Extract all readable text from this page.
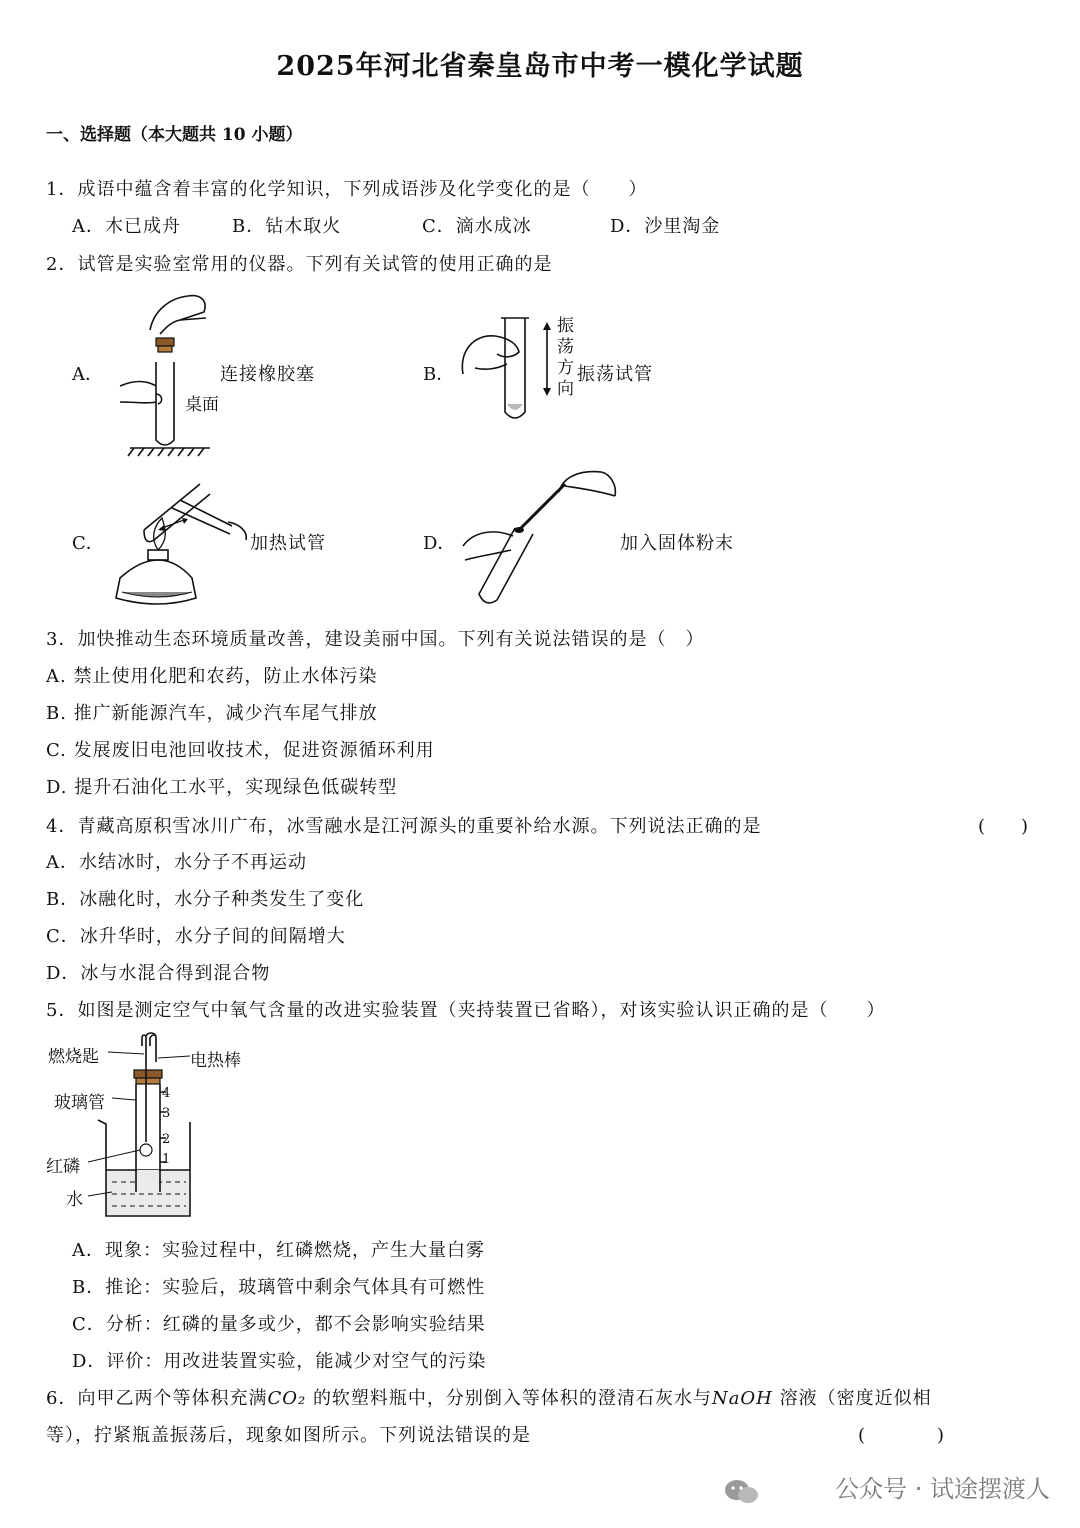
2025年河北省秦皇岛市中考一模化学试题
一、选择题（本大题共 10 小题）
1．成语中蕴含着丰富的化学知识，下列成语涉及化学变化的是（　　）
A．木已成舟	B．钻木取火	C．滴水成冰	D．沙里淘金
2．试管是实验室常用的仪器。下列有关试管的使用正确的是
A．
桌面
连接橡胶塞	B．
振
荡
方
向
振荡试管
C．	加热试管	D．	加入固体粉末
3．加快推动生态环境质量改善，建设美丽中国。下列有关说法错误的是（　）
A. 禁止使用化肥和农药，防止水体污染
B. 推广新能源汽车，减少汽车尾气排放
C. 发展废旧电池回收技术，促进资源循环利用
D. 提升石油化工水平，实现绿色低碳转型
4．青藏高原积雪冰川广布，冰雪融水是江河源头的重要补给水源。下列说法正确的是	(　　)
A．水结冰时，水分子不再运动
B．冰融化时，水分子种类发生了变化
C．冰升华时，水分子间的间隔增大
D．冰与水混合得到混合物
5．如图是测定空气中氧气含量的改进实验装置（夹持装置已省略），对该实验认识正确的是（　　）
燃烧匙	电热棒
玻璃管
红磷
水
4
3
2
1
A．现象：实验过程中，红磷燃烧，产生大量白雾
B．推论：实验后，玻璃管中剩余气体具有可燃性
C．分析：红磷的量多或少，都不会影响实验结果
D．评价：用改进装置实验，能减少对空气的污染
6．向甲乙两个等体积充满CO₂ 的软塑料瓶中，分别倒入等体积的澄清石灰水与NaOH 溶液（密度近似相
等），拧紧瓶盖振荡后，现象如图所示。下列说法错误的是	(　　　　)
公众号 · 试途摆渡人
